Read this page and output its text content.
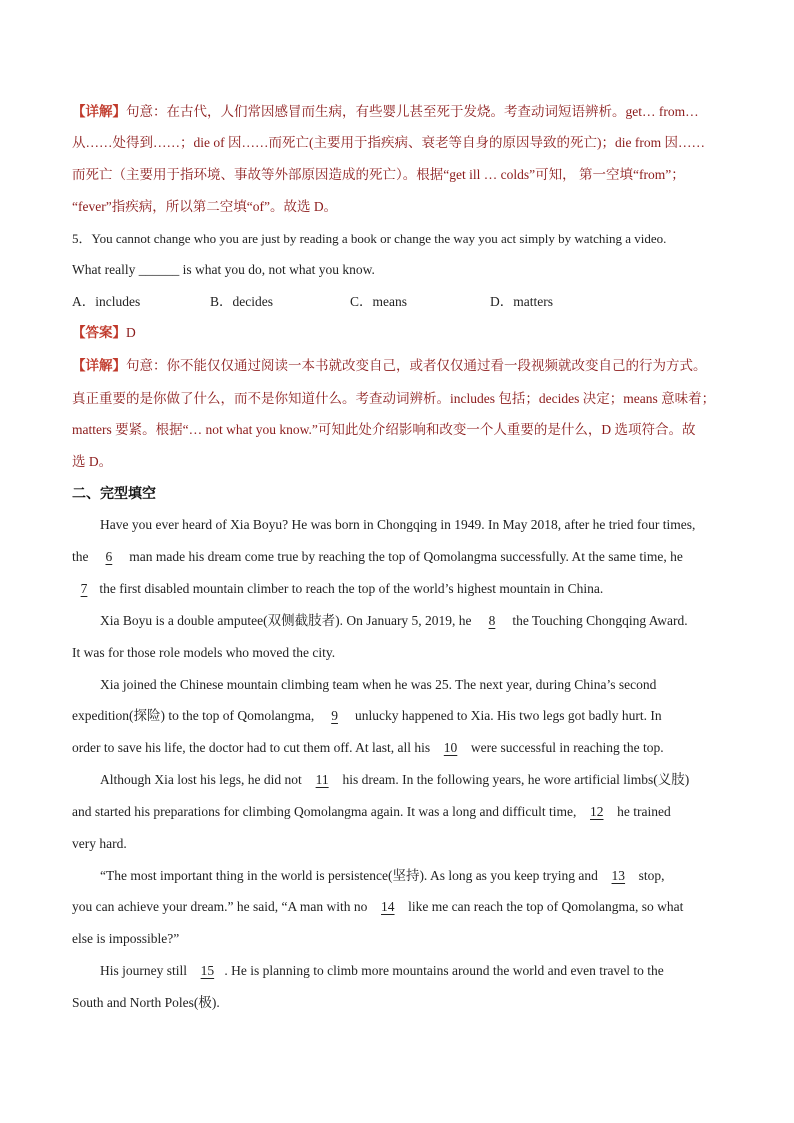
【详解】句意：在古代，人们常因感冒而生病，有些婴儿甚至死于发烧。考查动词短语辨析。get… from…
从……处得到……；die of 因……而死亡(主要用于指疾病、衰老等自身的原因导致的死亡)；die from 因……
而死亡（主要用于指环境、事故等外部原因造成的死亡）。根据“get ill … colds”可知， 第一空填“from”；
“fever”指疾病，所以第二空填“of”。故选 D。
5．You cannot change who you are just by reading a book or change the way you act simply by watching a video.
What really ______ is what you do, not what you know.
A．includes	B．decides	C．means	D．matters
【答案】D
【详解】句意：你不能仅仅通过阅读一本书就改变自己，或者仅仅通过看一段视频就改变自己的行为方式。
真正重要的是你做了什么，而不是你知道什么。考查动词辨析。includes 包括；decides 决定；means 意味着；
matters 要紧。根据“… not what you know.”可知此处介绍影响和改变一个人重要的是什么，D 选项符合。故
选 D。
二、完型填空
Have you ever heard of Xia Boyu? He was born in Chongqing in 1949. In May 2018, after he tried four times,
the 6 man made his dream come true by reaching the top of Qomolangma successfully. At the same time, he
7 the first disabled mountain climber to reach the top of the world’s highest mountain in China.
Xia Boyu is a double amputee(双侧截肢者). On January 5, 2019, he 8 the Touching Chongqing Award.
It was for those role models who moved the city.
Xia joined the Chinese mountain climbing team when he was 25. The next year, during China’s second
expedition(探险) to the top of Qomolangma, 9 unlucky happened to Xia. His two legs got badly hurt. In
order to save his life, the doctor had to cut them off. At last, all his 10 were successful in reaching the top.
Although Xia lost his legs, he did not 11 his dream. In the following years, he wore artificial limbs(义肢)
and started his preparations for climbing Qomolangma again. It was a long and difficult time, 12 he trained
very hard.
“The most important thing in the world is persistence(坚持). As long as you keep trying and 13 stop,
you can achieve your dream.” he said, “A man with no 14 like me can reach the top of Qomolangma, so what
else is impossible?”
His journey still 15 . He is planning to climb more mountains around the world and even travel to the
South and North Poles(极).
